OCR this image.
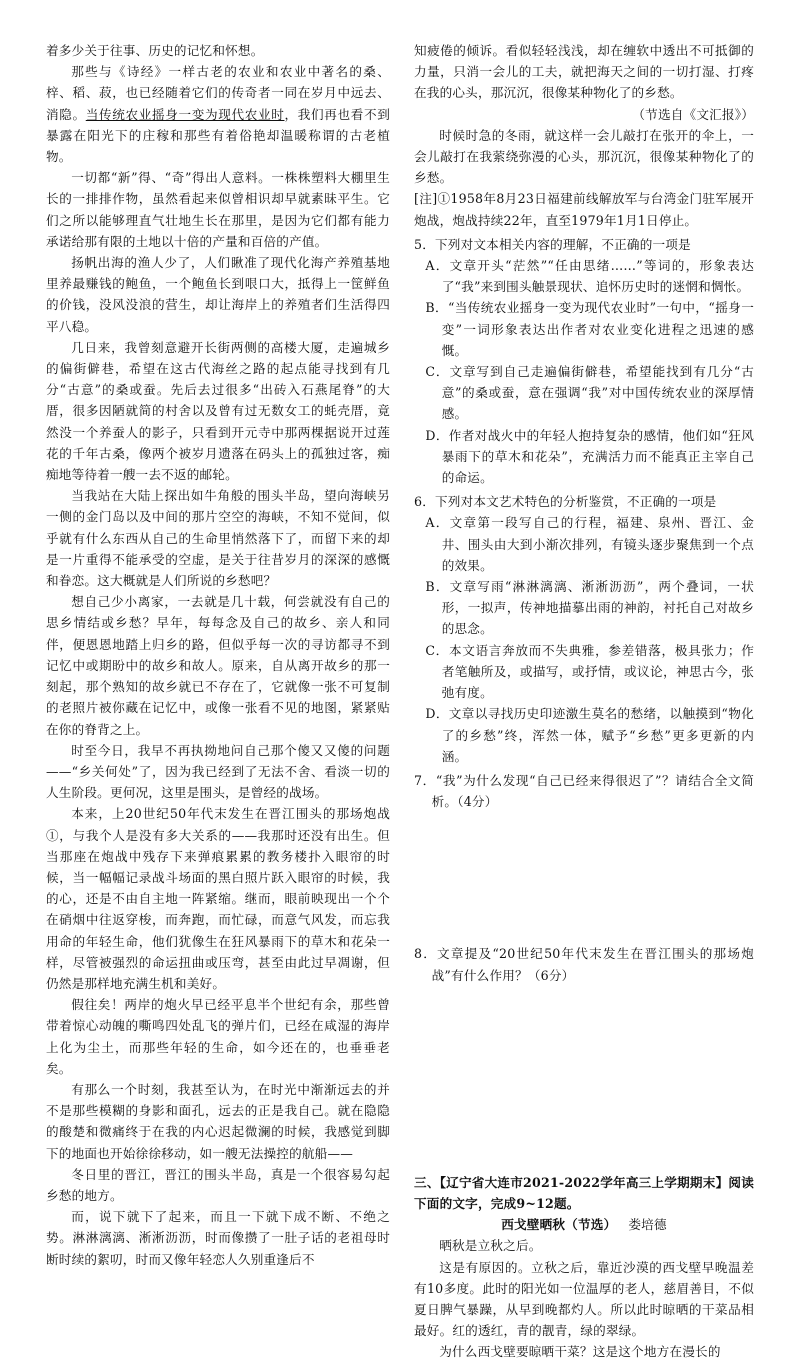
着多少关于往事、历史的记忆和怀想。

那些与《诗经》一样古老的农业和农业中著名的桑、梓、稻、菽，也已经随着它们的传奇者一同在岁月中远去、消隐。当传统农业摇身一变为现代农业时，我们再也看不到暴露在阳光下的庄稼和那些有着俗艳却温暖称谓的古老植物。

一切都“新”得、“奇”得出人意料。一株株塑料大棚里生长的一排排作物，虽然看起来似曾相识却早就素昧平生。它们之所以能够理直气壮地生长在那里，是因为它们都有能力承诺给那有限的土地以十倍的产量和百倍的产值。

扬帆出海的渔人少了，人们瞅准了现代化海产养殖基地里养最赚钱的鲍鱼，一个鲍鱼长到哏口大，抵得上一筐鲜鱼的价钱，没风没浪的营生，却让海岸上的养殖者们生活得四平八稳。

几日来，我曾刻意避开长街两侧的高楼大厦，走遍城乡的偏街僻巷，希望在这古代海丝之路的起点能寻找到有几分“古意”的桑或蚕。先后去过很多“出砖入石燕尾脊”的大厝，很多因陋就简的村舍以及曾有过无数女工的蚝壳厝，竟然没一个养蚕人的影子，只看到开元寺中那两棵据说开过莲花的千年古桑，像两个被岁月遗落在码头上的孤独过客，痴痴地等待着一艘一去不返的邮轮。

当我站在大陆上探出如牛角般的围头半岛，望向海峡另一侧的金门岛以及中间的那片空空的海峡，不知不觉间，似乎就有什么东西从自己的生命里悄然落下了，而留下来的却是一片重得不能承受的空虚，是关于往昔岁月的深深的感慨和眷恋。这大概就是人们所说的乡愁吧？

想自己少小离家，一去就是几十载，何尝就没有自己的思乡情结或乡愁？早年，每每念及自己的故乡、亲人和同伴，便恩恩地踏上归乡的路，但似乎每一次的寻访都寻不到记忆中或期盼中的故乡和故人。原来，自从离开故乡的那一刻起，那个熟知的故乡就已不存在了，它就像一张不可复制的老照片被你藏在记忆中，或像一张看不见的地图，紧紧贴在你的脊背之上。

时至今日，我早不再执拗地问自己那个傻又又傻的问题——“乡关何处”了，因为我已经到了无法不舍、看淡一切的人生阶段。更何况，这里是围头，是曾经的战场。

本来，上20世纪50年代末发生在晋江围头的那场炮战①，与我个人是没有多大关系的——我那时还没有出生。但当那座在炮战中残存下来弹痕累累的教务楼扑入眼帘的时候，当一幅幅记录战斗场面的黑白照片跃入眼帘的时候，我的心，还是不由自主地一阵紧缩。继而，眼前映现出一个个在硝烟中往返穿梭，而奔跑，而忙碌，而意气风发，而忘我用命的年轻生命，他们犹像生在狂风暴雨下的草木和花朵一样，尽管被强烈的命运扭曲或压弯，甚至由此过早凋谢，但仍然是那样地充满生机和美好。

假往矣！两岸的炮火早已经平息半个世纪有余，那些曾带着惊心动魄的嘶鸣四处乱飞的弹片们，已经在咸湿的海岸上化为尘土，而那些年轻的生命，如今还在的，也垂垂老矣。

有那么一个时刻，我甚至认为，在时光中渐渐远去的并不是那些模糊的身影和面孔，远去的正是我自己。就在隐隐的酸楚和微痛终于在我的内心迟起微澜的时候，我感觉到脚下的地面也开始徐徐移动，如一艘无法操控的航船——

冬日里的晋江，晋江的围头半岛，真是一个很容易勾起乡愁的地方。

而，说下就下了起来，而且一下就下成不断、不绝之势。淋淋漓漓、淅淅沥沥，时而像攒了一肚子话的老祖母时断时续的絮叨，时而又像年轻恋人久别重逢后不

知疲倦的倾诉。看似轻轻浅浅，却在缠软中透出不可抵御的力量，只消一会儿的工夫，就把海天之间的一切打湿、打疼在我的心头，那沉沉，很像某种物化了的乡愁。

（节选自《文汇报》）

时候时急的冬雨，就这样一会儿敲打在张开的伞上，一会儿敲打在我萦绕弥漫的心头，那沉沉，很像某种物化了的乡愁。

[注]①1958年8月23日福建前线解放军与台湾金门驻军展开炮战，炮战持续22年，直至1979年1月1日停止。

5．下列对文本相关内容的理解，不正确的一项是

A．文章开头“茫然”“任由思绪……”等词的，形象表达了“我”来到围头触景现状、追怀历史时的迷惘和惆怅。

B．“当传统农业摇身一变为现代农业时”一句中，“摇身一变”一词形象表达出作者对农业变化进程之迅速的感慨。

C．文章写到自己走遍偏街僻巷，希望能找到有几分“古意”的桑或蚕，意在强调“我”对中国传统农业的深厚情感。

D．作者对战火中的年轻人抱持复杂的感情，他们如“狂风暴雨下的草木和花朵”，充满活力而不能真正主宰自己的命运。

6．下列对本文艺术特色的分析鉴赏，不正确的一项是

A．文章第一段写自己的行程，福建、泉州、晋江、金井、围头由大到小渐次排列，有镜头逐步聚焦到一个点的效果。

B．文章写雨“淋淋漓漓、淅淅沥沥”，两个叠词，一状形，一拟声，传神地描摹出雨的神韵，衬托自己对故乡的思念。

C．本文语言奔放而不失典雅，参差错落，极具张力；作者笔触所及，或描写，或抒情，或议论，神思古今，张弛有度。

D．文章以寻找历史印迹激生莫名的愁绪，以触摸到“物化了的乡愁”终，浑然一体，赋予“乡愁”更多更新的内涵。

7．“我”为什么发现“自己已经来得很迟了”？请结合全文简析。（4分）

8．文章提及“20世纪50年代末发生在晋江围头的那场炮战”有什么作用？（6分）

三、【辽宁省大连市2021-2022学年高三上学期期末】阅读下面的文字，完成9~12题。

西戈壁晒秋（节选） 娄培德

晒秋是立秋之后。

这是有原因的。立秋之后，靠近沙漠的西戈壁早晚温差有10多度。此时的阳光如一位温厚的老人，慈眉善目，不似夏日脾气暴躁，从早到晚都灼人。所以此时晾晒的干菜品相最好。红的透红，青的靓青，绿的翠绿。

为什么西戈壁要晾晒干菜？这是这个地方在漫长的
